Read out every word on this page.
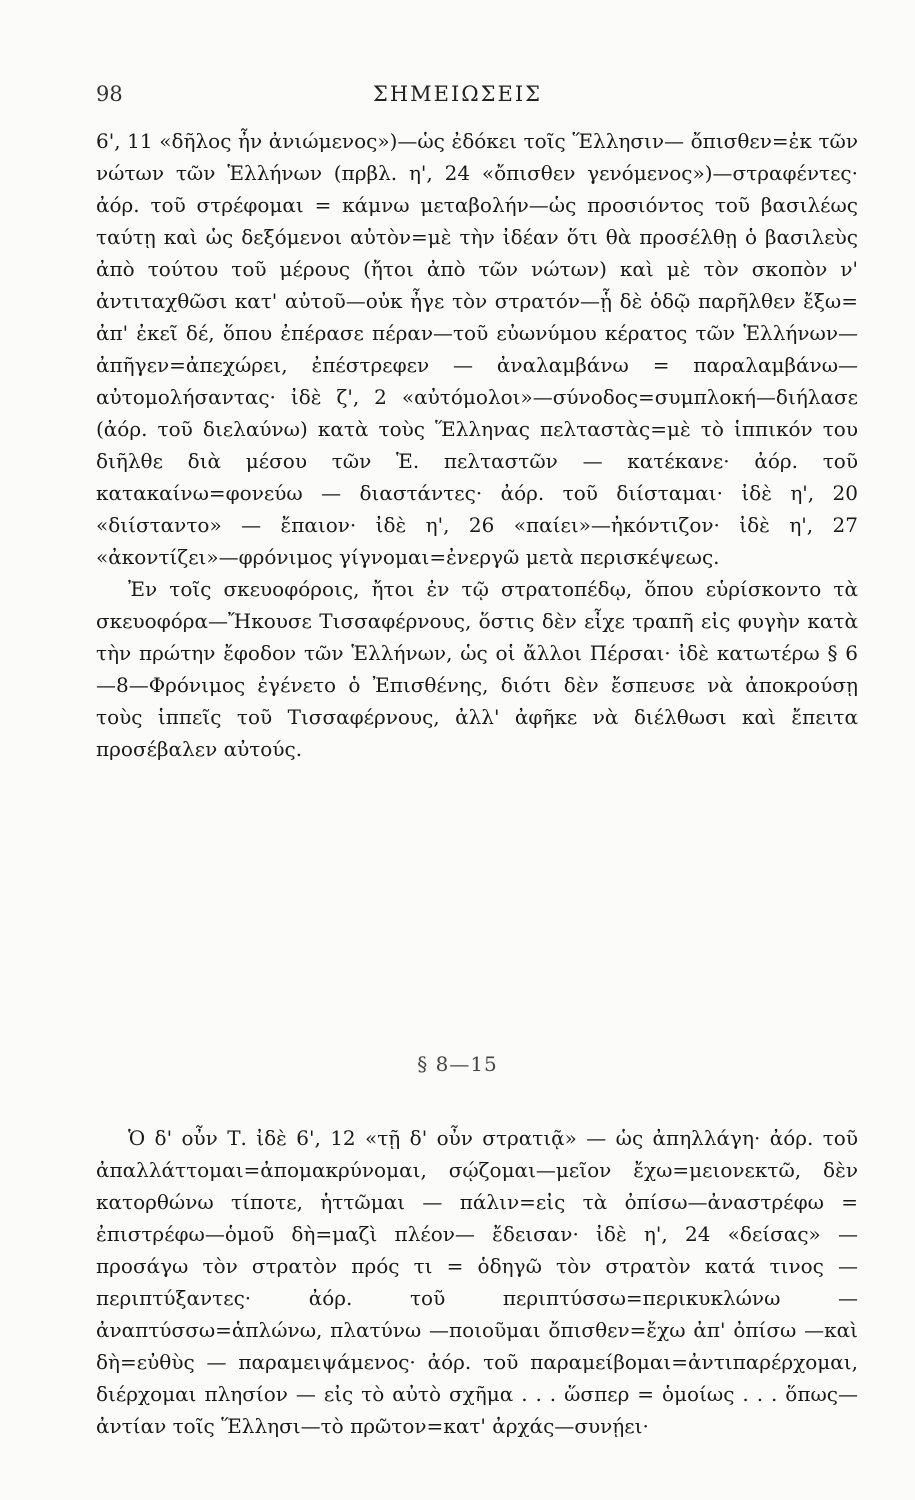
98	ΣΗΜΕΙΩΣΕΙΣ

6', 11 «δῆλος ἦν ἀνιώμενος»)—ὡς ἐδόκει τοῖς Ἕλλησιν— ὄπισθεν=ἐκ τῶν νώτων τῶν Ἑλλήνων (πρβλ. η', 24 «ὄπισθεν γενόμενος»)—στραφέντες· ἀόρ. τοῦ στρέφομαι = κάμνω μεταβολήν—ὡς προσιόντος τοῦ βασιλέως ταύτῃ καὶ ὡς δεξόμενοι αὐτὸν=μὲ τὴν ἰδέαν ὅτι θὰ προσέλθῃ ὁ βασιλεὺς ἀπὸ τούτου τοῦ μέρους (ἤτοι ἀπὸ τῶν νώτων) καὶ μὲ τὸν σκοπὸν ν' ἀντιταχθῶσι κατ' αὐτοῦ—οὐκ ἦγε τὸν στρατόν—ᾗ δὲ ὁδῷ παρῆλθεν ἔξω= ἀπ' ἐκεῖ δέ, ὅπου ἐπέρασε πέραν—τοῦ εὐωνύμου κέρατος τῶν Ἑλλήνων—ἀπῆγεν=ἀπεχώρει, ἐπέστρεφεν — ἀναλαμβάνω = παραλαμβάνω—αὐτομολήσαντας· ἰδὲ ζ', 2 «αὐτόμολοι»—σύνοδος=συμπλοκή—διήλασε (ἀόρ. τοῦ διελαύνω) κατὰ τοὺς Ἕλληνας πελταστὰς=μὲ τὸ ἱππικόν του διῆλθε διὰ μέσου τῶν Ἑ. πελταστῶν — κατέκανε· ἀόρ. τοῦ κατακαίνω=φονεύω — διαστάντες· ἀόρ. τοῦ διίσταμαι· ἰδὲ η', 20 «διίσταντο» — ἔπαιον· ἰδὲ η', 26 «παίει»—ἠκόντιζον· ἰδὲ η', 27 «ἀκοντίζει»—φρόνιμος γίγνομαι=ἐνεργῶ μετὰ περισκέψεως.

Ἐν τοῖς σκευοφόροις, ἤτοι ἐν τῷ στρατοπέδῳ, ὅπου εὑρίσκοντο τὰ σκευοφόρα—Ἤκουσε Τισσαφέρνους, ὅστις δὲν εἶχε τραπῆ εἰς φυγὴν κατὰ τὴν πρώτην ἔφοδον τῶν Ἑλλήνων, ὡς οἱ ἄλλοι Πέρσαι· ἰδὲ κατωτέρω § 6—8—Φρόνιμος ἐγένετο ὁ Ἐπισθένης, διότι δὲν ἔσπευσε νὰ ἀποκρούσῃ τοὺς ἱππεῖς τοῦ Τισσαφέρνους, ἀλλ' ἀφῆκε νὰ διέλθωσι καὶ ἔπειτα προσέβαλεν αὐτούς.

§ 8—15

Ὁ δ' οὖν Τ. ἰδὲ 6', 12 «τῇ δ' οὖν στρατιᾷ» — ὡς ἀπηλλάγη· ἀόρ. τοῦ ἀπαλλάττομαι=ἀπομακρύνομαι, σῴζομαι—μεῖον ἔχω=μειονεκτῶ, δὲν κατορθώνω τίποτε, ἡττῶμαι — πάλιν=εἰς τὰ ὀπίσω—ἀναστρέφω = ἐπιστρέφω—ὁμοῦ δὴ=μαζὶ πλέον— ἔδεισαν· ἰδὲ η', 24 «δείσας» — προσάγω τὸν στρατὸν πρός τι = ὁδηγῶ τὸν στρατὸν κατά τινος — περιπτύξαντες· ἀόρ. τοῦ περιπτύσσω=περικυκλώνω — ἀναπτύσσω=ἁπλώνω, πλατύνω —ποιοῦμαι ὄπισθεν=ἔχω ἀπ' ὀπίσω —καὶ δὴ=εὐθὺς — παραμειψάμενος· ἀόρ. τοῦ παραμείβομαι=ἀντιπαρέρχομαι, διέρχομαι πλησίον — εἰς τὸ αὐτὸ σχῆμα . . . ὥσπερ = ὁμοίως . . . ὅπως—ἀντίαν τοῖς Ἕλλησι—τὸ πρῶτον=κατ' ἀρχάς—συνῄει·
